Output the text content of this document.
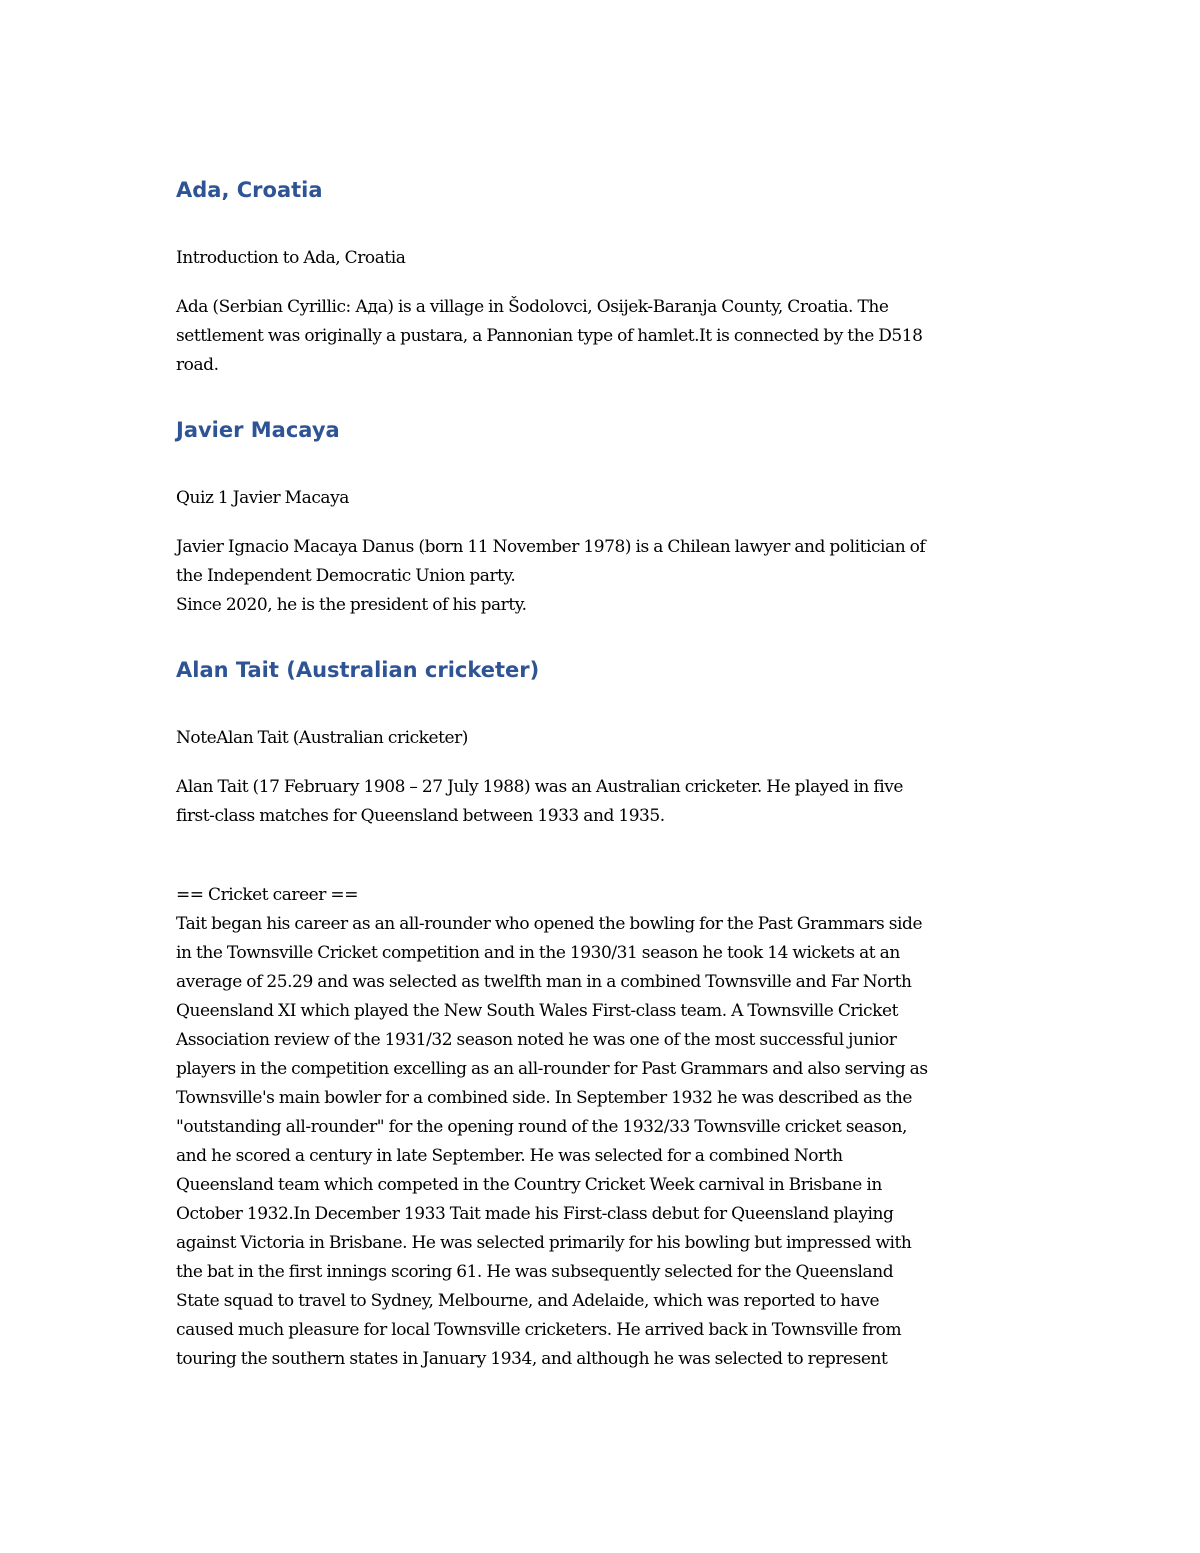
Ada, Croatia

Introduction to Ada, Croatia

Ada (Serbian Cyrillic: Ада) is a village in Šodolovci, Osijek-Baranja County, Croatia. The
settlement was originally a pustara, a Pannonian type of hamlet.It is connected by the D518
road.

Javier Macaya

Quiz 1 Javier Macaya

Javier Ignacio Macaya Danus (born 11 November 1978) is a Chilean lawyer and politician of
the Independent Democratic Union party.
Since 2020, he is the president of his party.

Alan Tait (Australian cricketer)

NoteAlan Tait (Australian cricketer)

Alan Tait (17 February 1908 – 27 July 1988) was an Australian cricketer. He played in five
first-class matches for Queensland between 1933 and 1935.

== Cricket career ==
Tait began his career as an all-rounder who opened the bowling for the Past Grammars side
in the Townsville Cricket competition and in the 1930/31 season he took 14 wickets at an
average of 25.29 and was selected as twelfth man in a combined Townsville and Far North
Queensland XI which played the New South Wales First-class team. A Townsville Cricket
Association review of the 1931/32 season noted he was one of the most successful junior
players in the competition excelling as an all-rounder for Past Grammars and also serving as
Townsville's main bowler for a combined side. In September 1932 he was described as the
"outstanding all-rounder" for the opening round of the 1932/33 Townsville cricket season,
and he scored a century in late September. He was selected for a combined North
Queensland team which competed in the Country Cricket Week carnival in Brisbane in
October 1932.In December 1933 Tait made his First-class debut for Queensland playing
against Victoria in Brisbane. He was selected primarily for his bowling but impressed with
the bat in the first innings scoring 61. He was subsequently selected for the Queensland
State squad to travel to Sydney, Melbourne, and Adelaide, which was reported to have
caused much pleasure for local Townsville cricketers. He arrived back in Townsville from
touring the southern states in January 1934, and although he was selected to represent
